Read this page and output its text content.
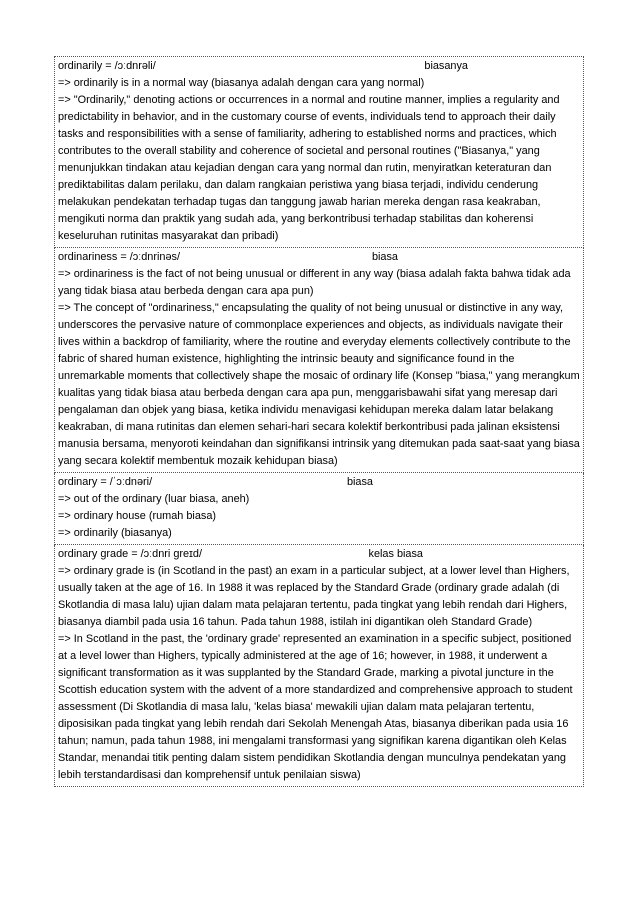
ordinarily = /ɔːdnrəli/	biasanya
=> ordinarily is in a normal way (biasanya adalah dengan cara yang normal)
=> "Ordinarily," denoting actions or occurrences in a normal and routine manner, implies a regularity and predictability in behavior, and in the customary course of events, individuals tend to approach their daily tasks and responsibilities with a sense of familiarity, adhering to established norms and practices, which contributes to the overall stability and coherence of societal and personal routines ("Biasanya," yang menunjukkan tindakan atau kejadian dengan cara yang normal dan rutin, menyiratkan keteraturan dan prediktabilitas dalam perilaku, dan dalam rangkaian peristiwa yang biasa terjadi, individu cenderung melakukan pendekatan terhadap tugas dan tanggung jawab harian mereka dengan rasa keakraban, mengikuti norma dan praktik yang sudah ada, yang berkontribusi terhadap stabilitas dan koherensi keseluruhan rutinitas masyarakat dan pribadi)
ordinariness = /ɔːdnrinəs/	biasa
=> ordinariness is the fact of not being unusual or different in any way (biasa adalah fakta bahwa tidak ada yang tidak biasa atau berbeda dengan cara apa pun)
=> The concept of "ordinariness," encapsulating the quality of not being unusual or distinctive in any way, underscores the pervasive nature of commonplace experiences and objects, as individuals navigate their lives within a backdrop of familiarity, where the routine and everyday elements collectively contribute to the fabric of shared human existence, highlighting the intrinsic beauty and significance found in the unremarkable moments that collectively shape the mosaic of ordinary life (Konsep "biasa," yang merangkum kualitas yang tidak biasa atau berbeda dengan cara apa pun, menggarisbawahi sifat yang meresap dari pengalaman dan objek yang biasa, ketika individu menavigasi kehidupan mereka dalam latar belakang keakraban, di mana rutinitas dan elemen sehari-hari secara kolektif berkontribusi pada jalinan eksistensi manusia bersama, menyoroti keindahan dan signifikansi intrinsik yang ditemukan pada saat-saat yang biasa yang secara kolektif membentuk mozaik kehidupan biasa)
ordinary = /ˈɔːdnəri/	biasa
=> out of the ordinary (luar biasa, aneh)
=> ordinary house (rumah biasa)
=> ordinarily (biasanya)
ordinary grade = /ɔːdnri greɪd/	kelas biasa
=> ordinary grade is (in Scotland in the past) an exam in a particular subject, at a lower level than Highers, usually taken at the age of 16. In 1988 it was replaced by the Standard Grade (ordinary grade adalah (di Skotlandia di masa lalu) ujian dalam mata pelajaran tertentu, pada tingkat yang lebih rendah dari Highers, biasanya diambil pada usia 16 tahun. Pada tahun 1988, istilah ini digantikan oleh Standard Grade)
=> In Scotland in the past, the 'ordinary grade' represented an examination in a specific subject, positioned at a level lower than Highers, typically administered at the age of 16; however, in 1988, it underwent a significant transformation as it was supplanted by the Standard Grade, marking a pivotal juncture in the Scottish education system with the advent of a more standardized and comprehensive approach to student assessment (Di Skotlandia di masa lalu, 'kelas biasa' mewakili ujian dalam mata pelajaran tertentu, diposisikan pada tingkat yang lebih rendah dari Sekolah Menengah Atas, biasanya diberikan pada usia 16 tahun; namun, pada tahun 1988, ini mengalami transformasi yang signifikan karena digantikan oleh Kelas Standar, menandai titik penting dalam sistem pendidikan Skotlandia dengan munculnya pendekatan yang lebih terstandardisasi dan komprehensif untuk penilaian siswa)
